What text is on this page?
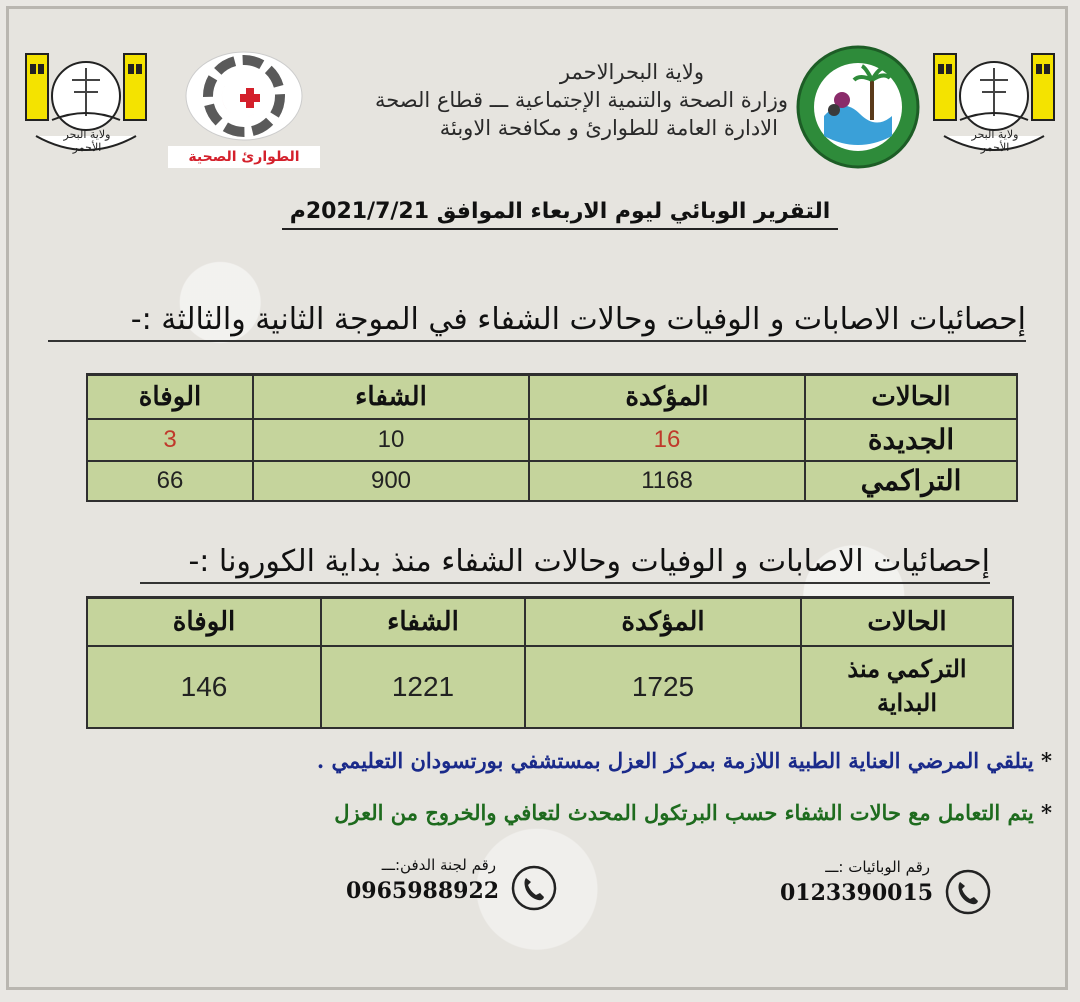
ولاية البحر الأحمر
ولاية البحر الأحمر
الطوارئ الصحية
ولاية البحرالاحمر
وزارة الصحة والتنمية الإجتماعية ـــ قطاع الصحة
الادارة العامة للطوارئ و مكافحة الاوبئة
التقرير الوبائي ليوم الاربعاء الموافق 2021/7/21م
إحصائيات الاصابات و الوفيات وحالات الشفاء في الموجة الثانية والثالثة :-
الحالات	المؤكدة	الشفاء	الوفاة
الجديدة	16	10	3
التراكمي	1168	900	66
إحصائيات الاصابات و الوفيات وحالات الشفاء منذ بداية الكورونا :-
الحالات	المؤكدة	الشفاء	الوفاة
التركمي منذ البداية	1725	1221	146
* يتلقي المرضي العناية الطبية اللازمة بمركز العزل بمستشفي بورتسودان التعليمي .
* يتم التعامل مع حالات الشفاء حسب البرتكول المحدث لتعافي والخروج من العزل
رقم الوبائيات :ـــ
0123390015
رقم لجنة الدفن:ـــ
0965988922
